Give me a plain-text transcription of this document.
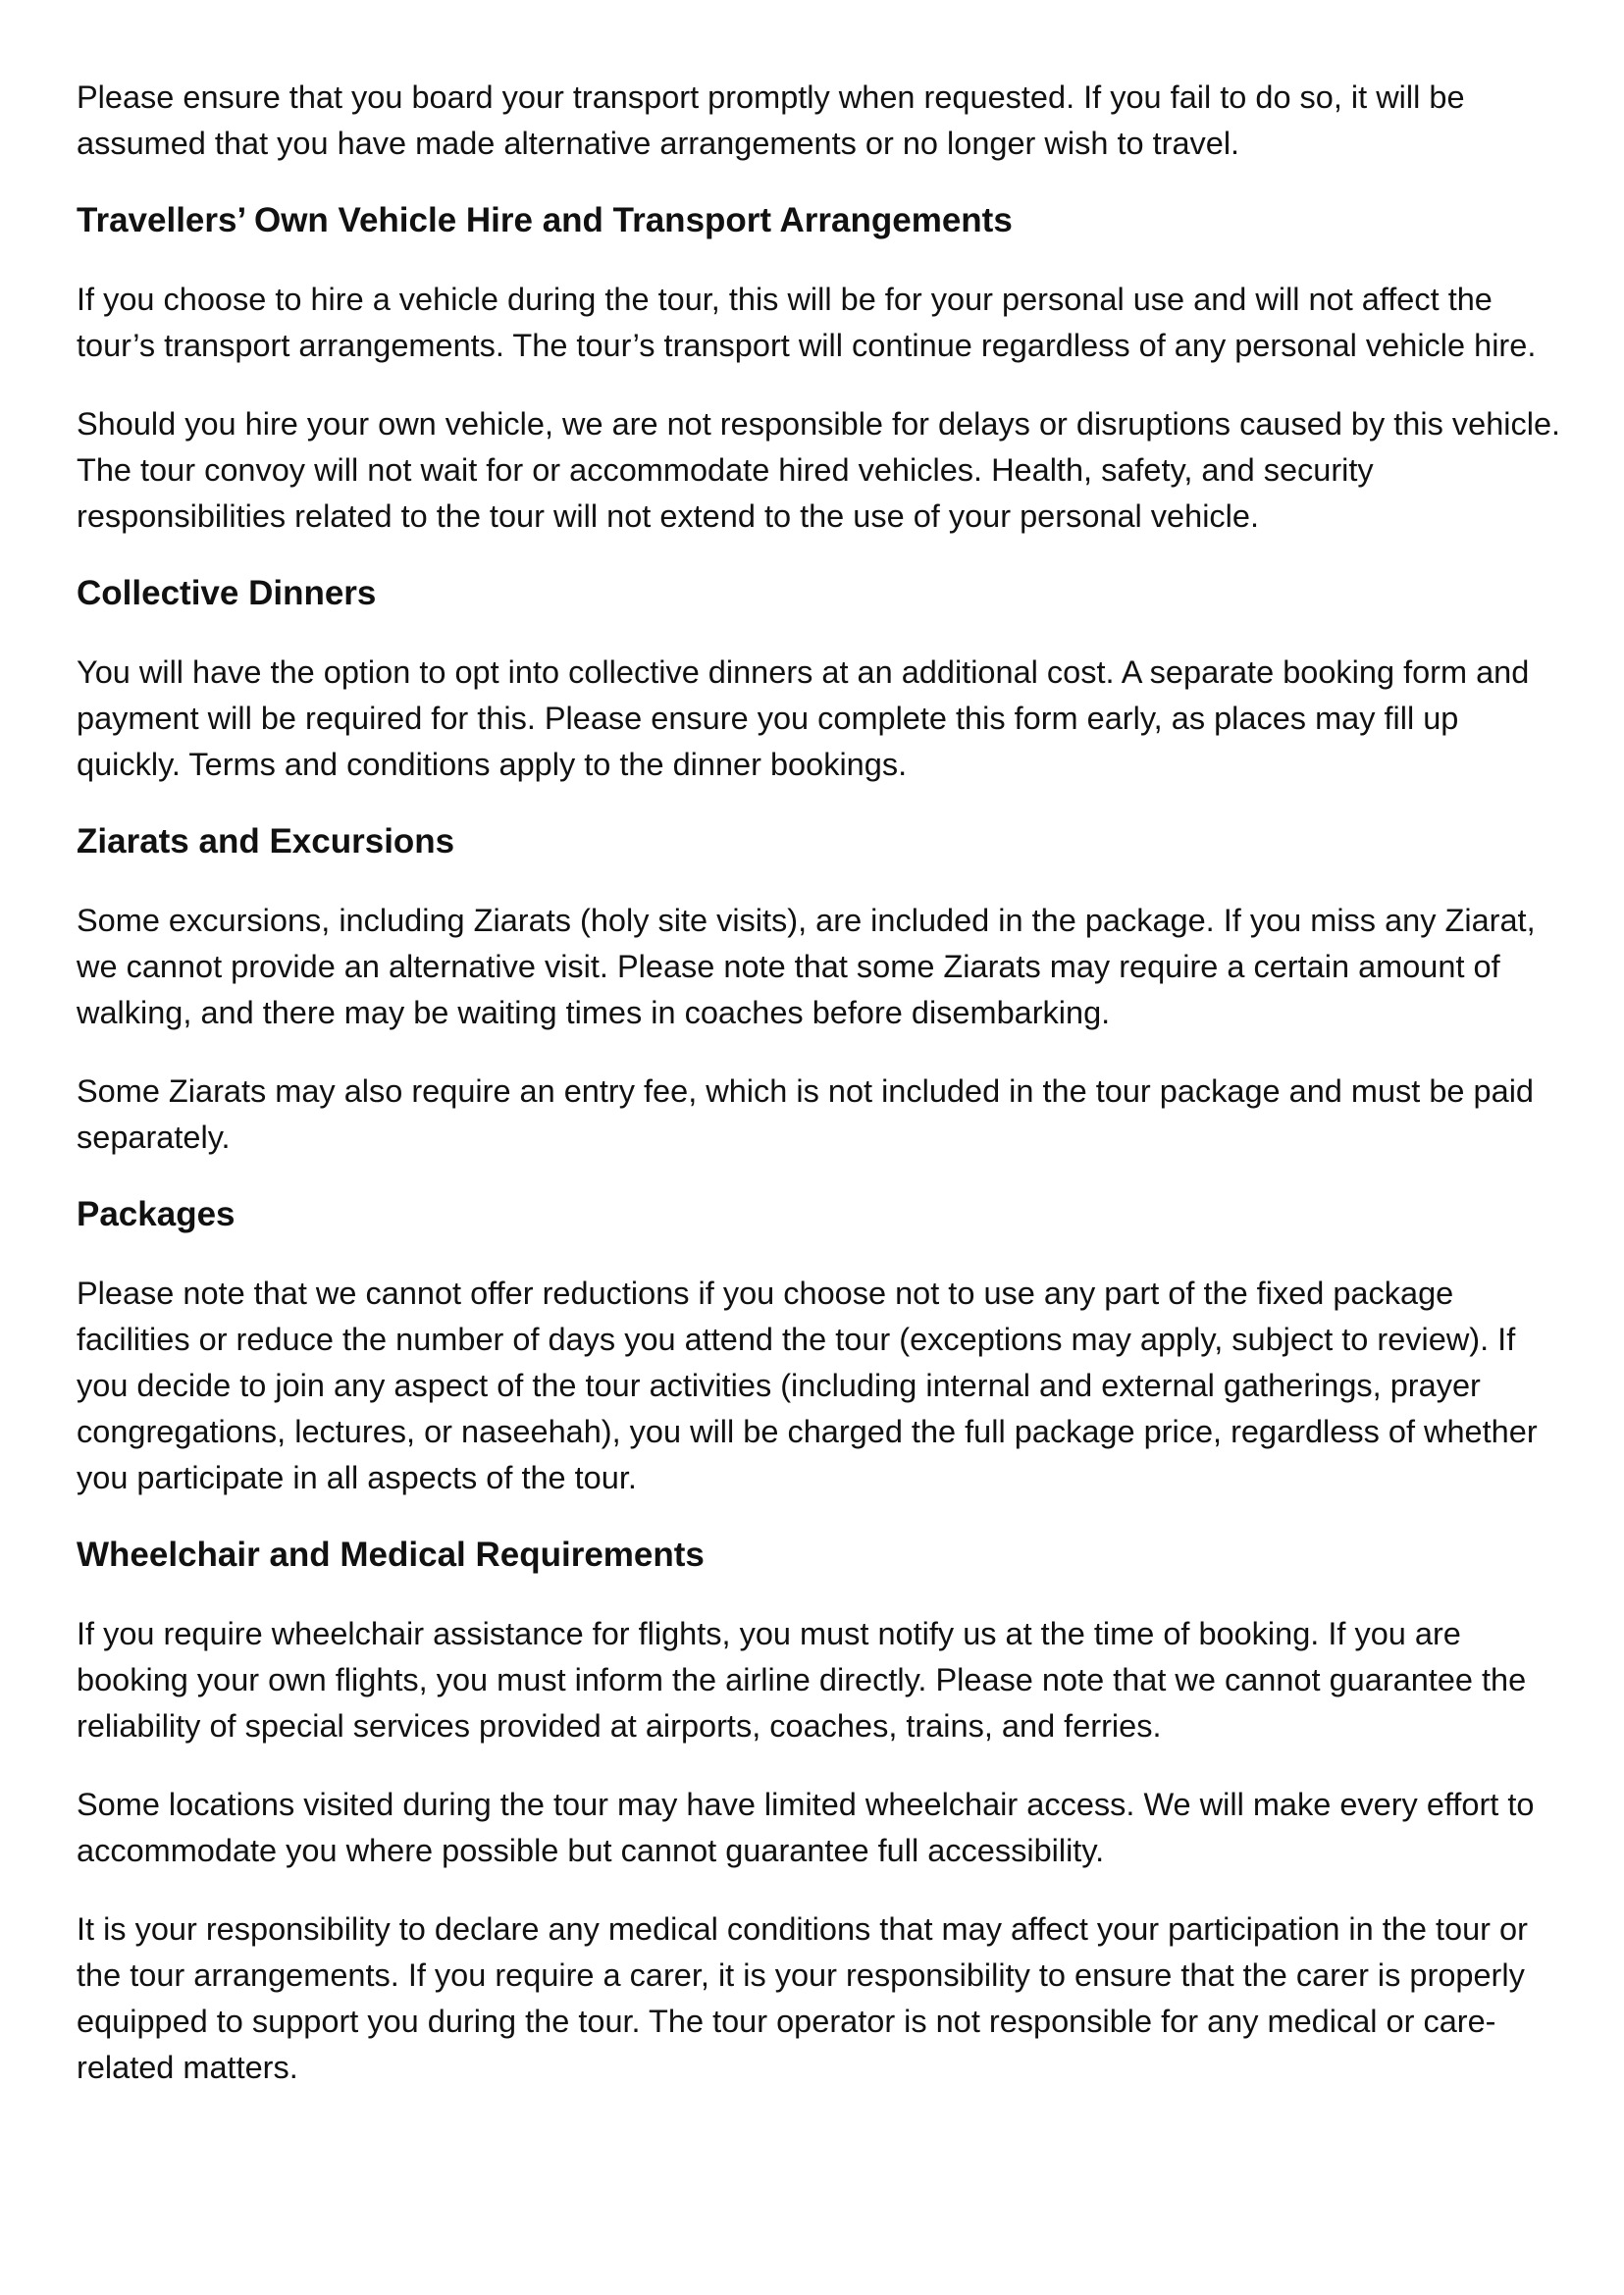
Please ensure that you board your transport promptly when requested. If you fail to do so, it will be assumed that you have made alternative arrangements or no longer wish to travel.

Travellers’ Own Vehicle Hire and Transport Arrangements

If you choose to hire a vehicle during the tour, this will be for your personal use and will not affect the tour’s transport arrangements. The tour’s transport will continue regardless of any personal vehicle hire.

Should you hire your own vehicle, we are not responsible for delays or disruptions caused by this vehicle. The tour convoy will not wait for or accommodate hired vehicles. Health, safety, and security responsibilities related to the tour will not extend to the use of your personal vehicle.

Collective Dinners

You will have the option to opt into collective dinners at an additional cost. A separate booking form and payment will be required for this. Please ensure you complete this form early, as places may fill up quickly. Terms and conditions apply to the dinner bookings.

Ziarats and Excursions

Some excursions, including Ziarats (holy site visits), are included in the package. If you miss any Ziarat, we cannot provide an alternative visit. Please note that some Ziarats may require a certain amount of walking, and there may be waiting times in coaches before disembarking.

Some Ziarats may also require an entry fee, which is not included in the tour package and must be paid separately.

Packages

Please note that we cannot offer reductions if you choose not to use any part of the fixed package facilities or reduce the number of days you attend the tour (exceptions may apply, subject to review). If you decide to join any aspect of the tour activities (including internal and external gatherings, prayer congregations, lectures, or naseehah), you will be charged the full package price, regardless of whether you participate in all aspects of the tour.

Wheelchair and Medical Requirements

If you require wheelchair assistance for flights, you must notify us at the time of booking. If you are booking your own flights, you must inform the airline directly. Please note that we cannot guarantee the reliability of special services provided at airports, coaches, trains, and ferries.

Some locations visited during the tour may have limited wheelchair access. We will make every effort to accommodate you where possible but cannot guarantee full accessibility.

It is your responsibility to declare any medical conditions that may affect your participation in the tour or the tour arrangements. If you require a carer, it is your responsibility to ensure that the carer is properly equipped to support you during the tour. The tour operator is not responsible for any medical or care-related matters.
